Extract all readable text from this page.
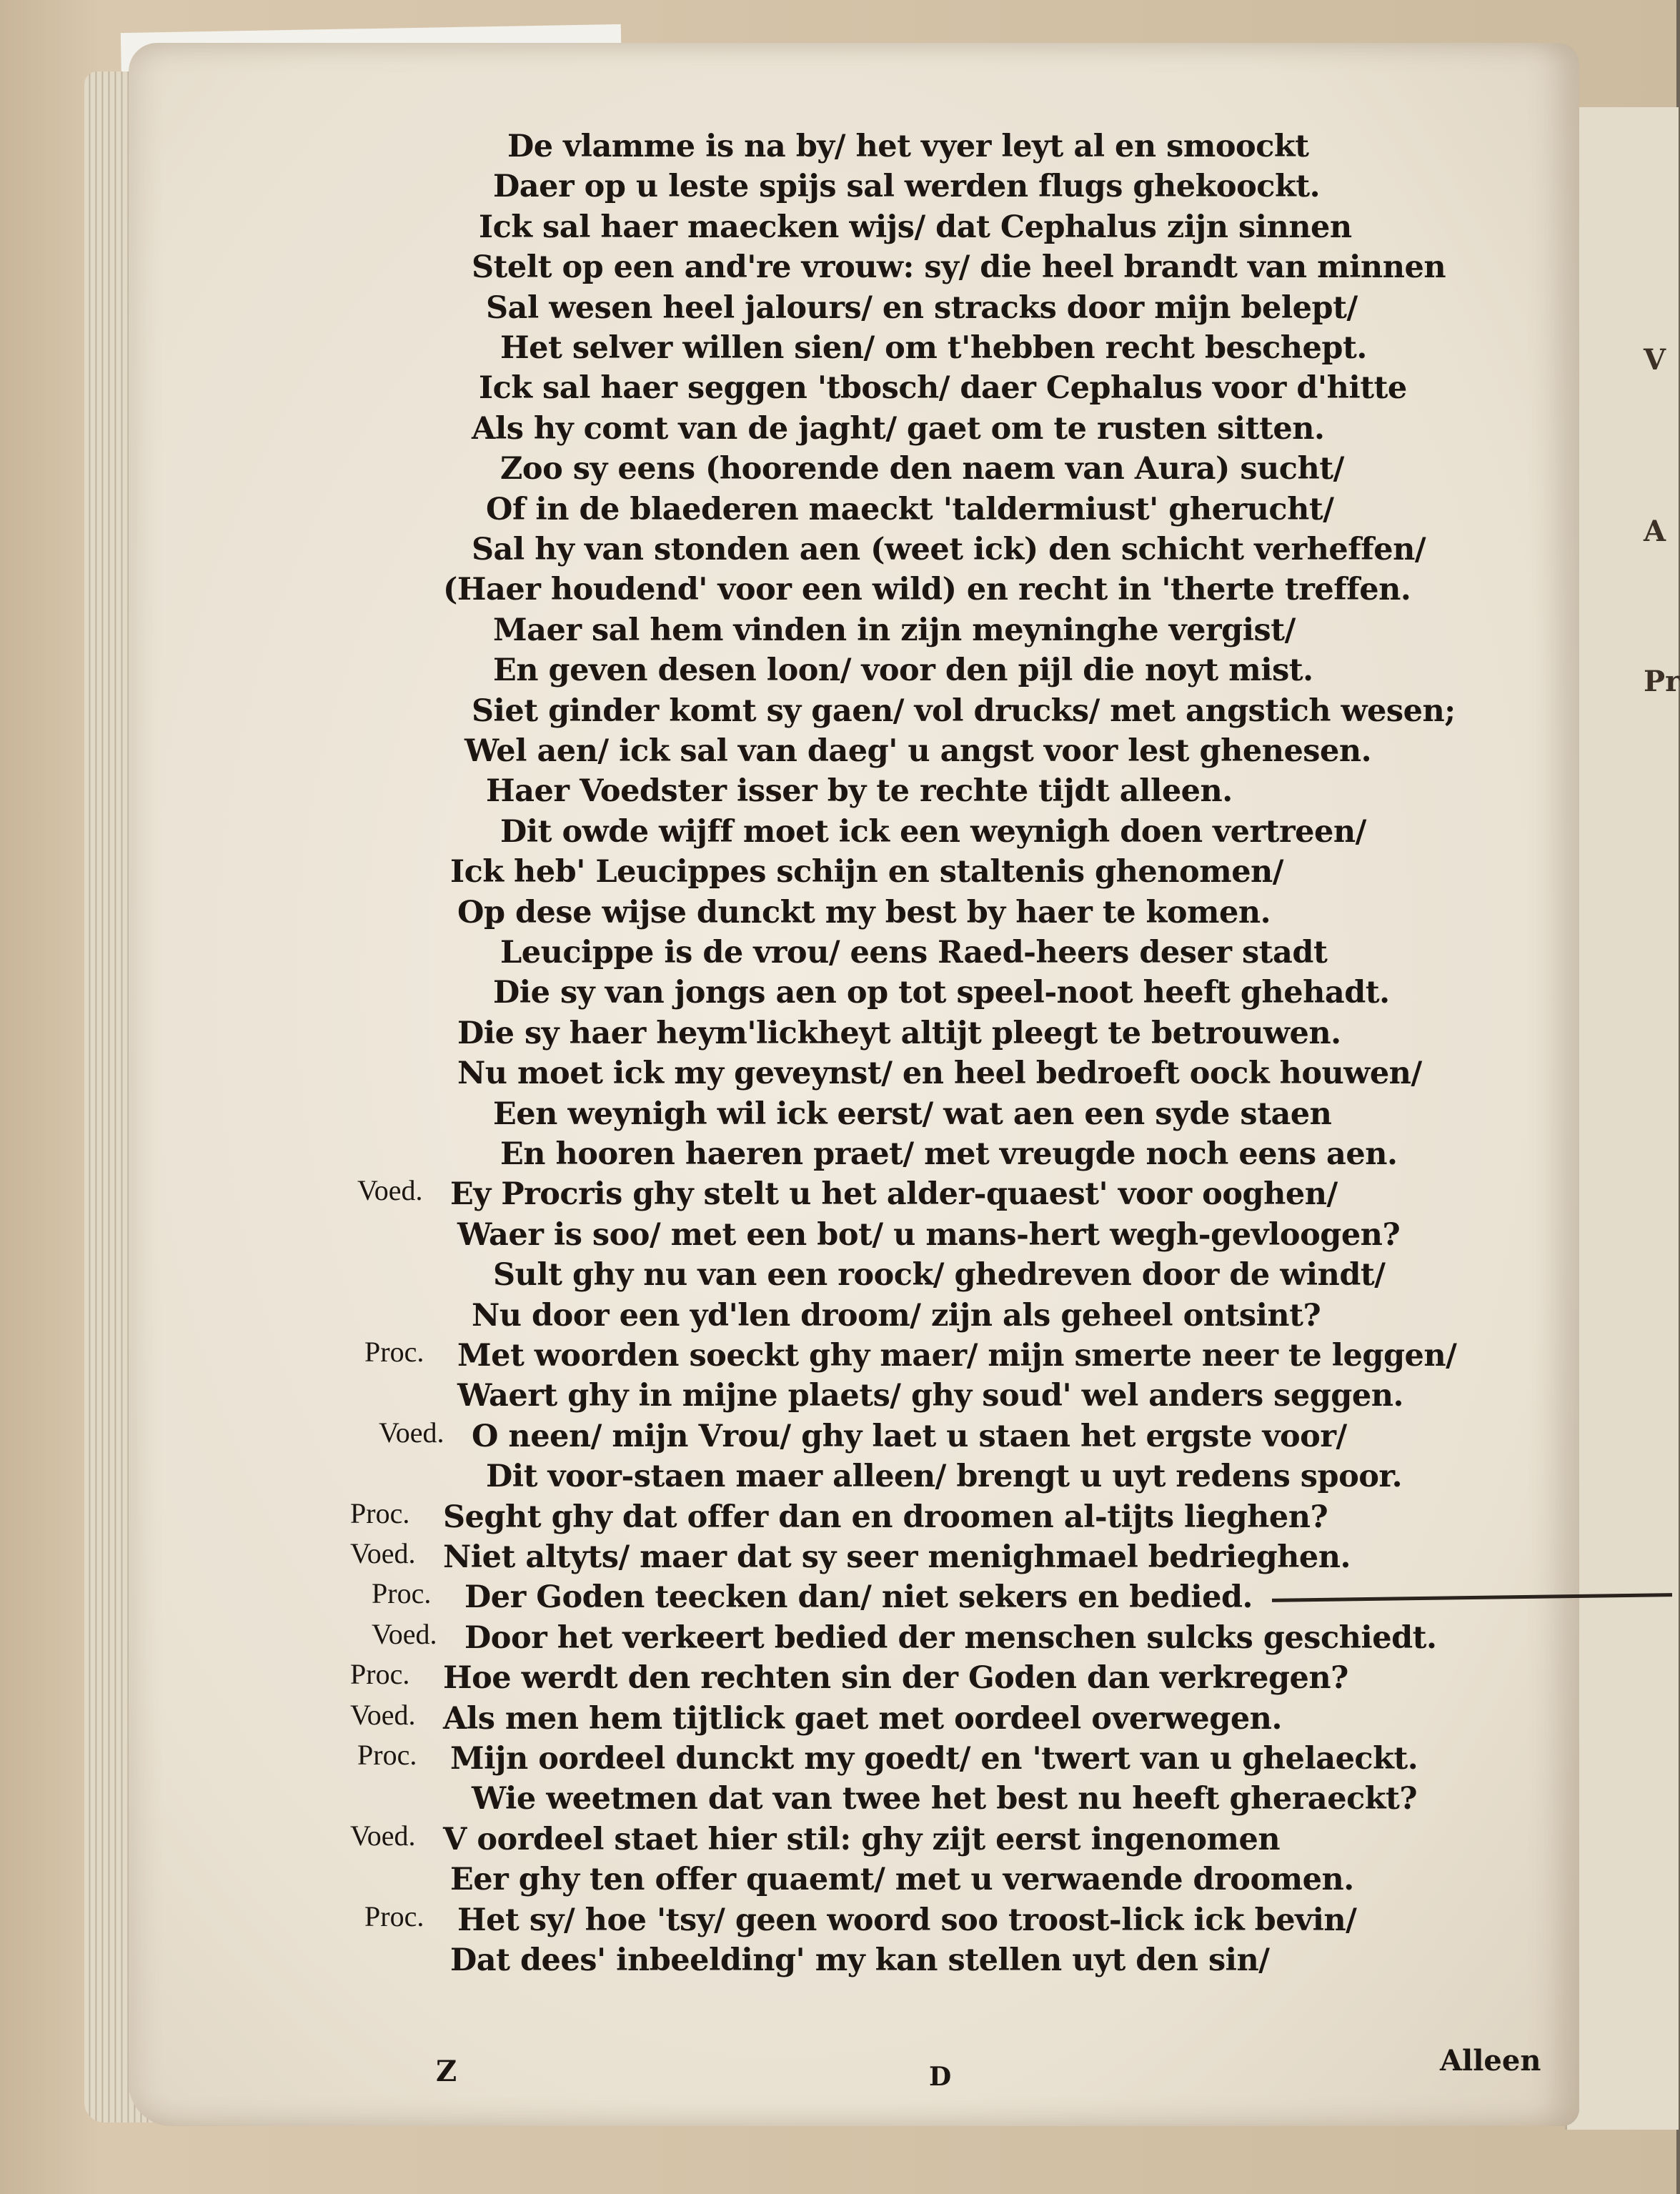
V
A
Pr
De vlamme is na by/ het vyer leyt al en smoockt
Daer op u leste spijs sal werden flugs ghekoockt.
Ick sal haer maecken wijs/ dat Cephalus zijn sinnen
Stelt op een and're vrouw: sy/ die heel brandt van minnen
Sal wesen heel jalours/ en stracks door mijn belept/
Het selver willen sien/ om t'hebben recht beschept.
Ick sal haer seggen 'tbosch/ daer Cephalus voor d'hitte
Als hy comt van de jaght/ gaet om te rusten sitten.
Zoo sy eens (hoorende den naem van Aura) sucht/
Of in de blaederen maeckt 'taldermiust' gherucht/
Sal hy van stonden aen (weet ick) den schicht verheffen/
(Haer houdend' voor een wild) en recht in 'therte treffen.
Maer sal hem vinden in zijn meyninghe vergist/
En geven desen loon/ voor den pijl die noyt mist.
Siet ginder komt sy gaen/ vol drucks/ met angstich wesen;
Wel aen/ ick sal van daeg' u angst voor lest ghenesen.
Haer Voedster isser by te rechte tijdt alleen.
Dit owde wijff moet ick een weynigh doen vertreen/
Ick heb' Leucippes schijn en staltenis ghenomen/
Op dese wijse dunckt my best by haer te komen.
Leucippe is de vrou/ eens Raed-heers deser stadt
Die sy van jongs aen op tot speel-noot heeft ghehadt.
Die sy haer heym'lickheyt altijt pleegt te betrouwen.
Nu moet ick my geveynst/ en heel bedroeft oock houwen/
Een weynigh wil ick eerst/ wat aen een syde staen
En hooren haeren praet/ met vreugde noch eens aen.
Ey Procris ghy stelt u het alder-quaest' voor ooghen/
Voed.
Waer is soo/ met een bot/ u mans-hert wegh-gevloogen?
Sult ghy nu van een roock/ ghedreven door de windt/
Nu door een yd'len droom/ zijn als geheel ontsint?
Met woorden soeckt ghy maer/ mijn smerte neer te leggen/
Proc.
Waert ghy in mijne plaets/ ghy soud' wel anders seggen.
O neen/ mijn Vrou/ ghy laet u staen het ergste voor/
Voed.
Dit voor-staen maer alleen/ brengt u uyt redens spoor.
Seght ghy dat offer dan en droomen al-tijts lieghen?
Proc.
Niet altyts/ maer dat sy seer menighmael bedrieghen.
Voed.
Der Goden teecken dan/ niet sekers en bedied.
Proc.
Door het verkeert bedied der menschen sulcks geschiedt.
Voed.
Hoe werdt den rechten sin der Goden dan verkregen?
Proc.
Als men hem tijtlick gaet met oordeel overwegen.
Voed.
Mijn oordeel dunckt my goedt/ en 'twert van u ghelaeckt.
Proc.
Wie weetmen dat van twee het best nu heeft gheraeckt?
V oordeel staet hier stil: ghy zijt eerst ingenomen
Voed.
Eer ghy ten offer quaemt/ met u verwaende droomen.
Het sy/ hoe 'tsy/ geen woord soo troost-lick ick bevin/
Proc.
Dat dees' inbeelding' my kan stellen uyt den sin/
Z	D	Alleen
